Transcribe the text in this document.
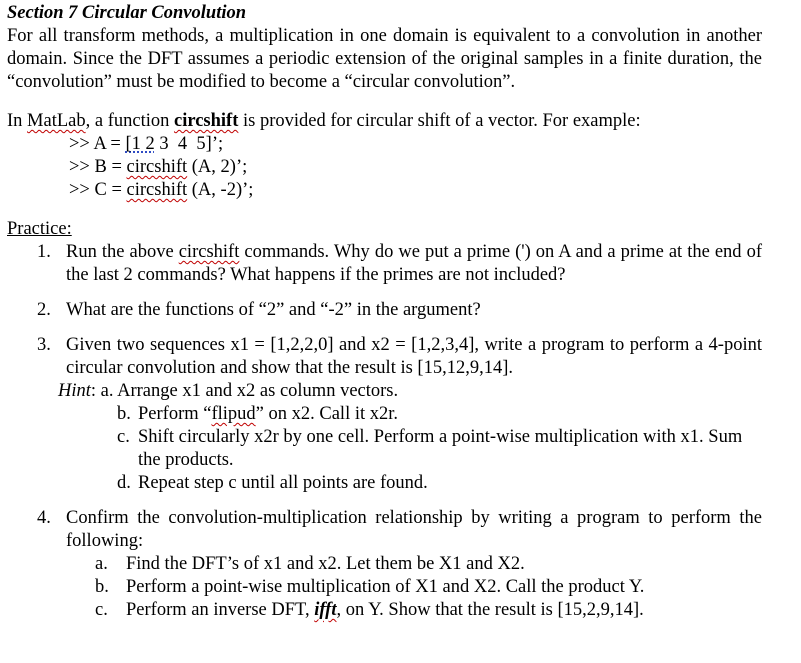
Section 7 Circular Convolution
For all transform methods, a multiplication in one domain is equivalent to a convolution in another domain. Since the DFT assumes a periodic extension of the original samples in a finite duration, the “convolution” must be modified to become a “circular convolution”.
In MatLab, a function circshift is provided for circular shift of a vector. For example:
>> A = [1 2 3  4  5]’;
>> B = circshift (A, 2)’;
>> C = circshift (A, -2)’;
Practice:
1. Run the above circshift commands. Why do we put a prime (') on A and a prime at the end of the last 2 commands? What happens if the primes are not included?
2. What are the functions of “2” and “-2” in the argument?
3. Given two sequences x1 = [1,2,2,0] and x2 = [1,2,3,4], write a program to perform a 4-point circular convolution and show that the result is [15,12,9,14].
Hint: a. Arrange x1 and x2 as column vectors.
b. Perform “flipud” on x2. Call it x2r.
c. Shift circularly x2r by one cell. Perform a point-wise multiplication with x1. Sum the products.
d. Repeat step c until all points are found.
4. Confirm the convolution-multiplication relationship by writing a program to perform the following:
a. Find the DFT’s of x1 and x2. Let them be X1 and X2.
b. Perform a point-wise multiplication of X1 and X2. Call the product Y.
c. Perform an inverse DFT, ifft, on Y. Show that the result is [15,2,9,14].
